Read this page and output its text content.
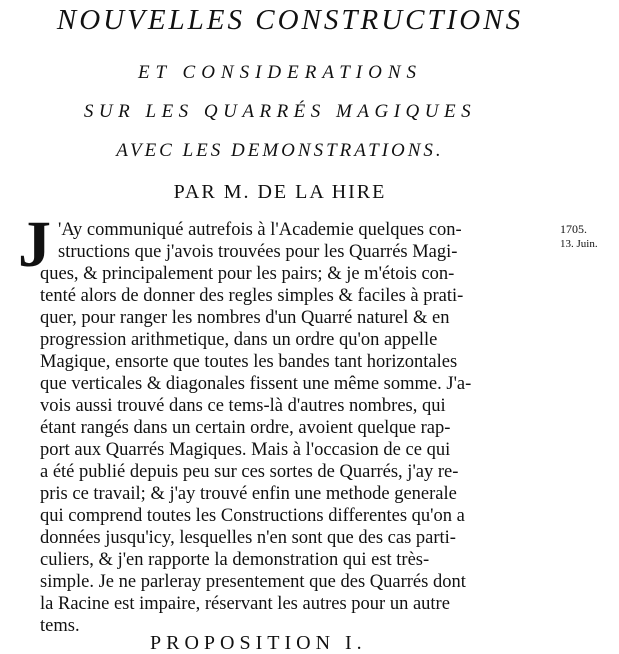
NOUVELLES CONSTRUCTIONS
ET CONSIDERATIONS
SUR LES QUARRÉS MAGIQUES
AVEC LES DEMONSTRATIONS.
PAR M. DE LA HIRE
1705.
13. Juin.
J 'Ay communiqué autrefois à l'Academie quelques con-
structions que j'avois trouvées pour les Quarrés Magi-
ques, & principalement pour les pairs; & je m'étois con-
tenté alors de donner des regles simples & faciles à prati-
quer, pour ranger les nombres d'un Quarré naturel & en
progression arithmetique, dans un ordre qu'on appelle
Magique, ensorte que toutes les bandes tant horizontales
que verticales & diagonales fissent une même somme. J'a-
vois aussi trouvé dans ce tems-là d'autres nombres, qui
étant rangés dans un certain ordre, avoient quelque rap-
port aux Quarrés Magiques. Mais à l'occasion de ce qui
a été publié depuis peu sur ces sortes de Quarrés, j'ay re-
pris ce travail; & j'ay trouvé enfin une methode generale
qui comprend toutes les Constructions differentes qu'on a
données jusqu'icy, lesquelles n'en sont que des cas parti-
culiers, & j'en rapporte la demonstration qui est très-
simple. Je ne parleray presentement que des Quarrés dont
la Racine est impaire, réservant les autres pour un autre
tems.
PROPOSITION I.
